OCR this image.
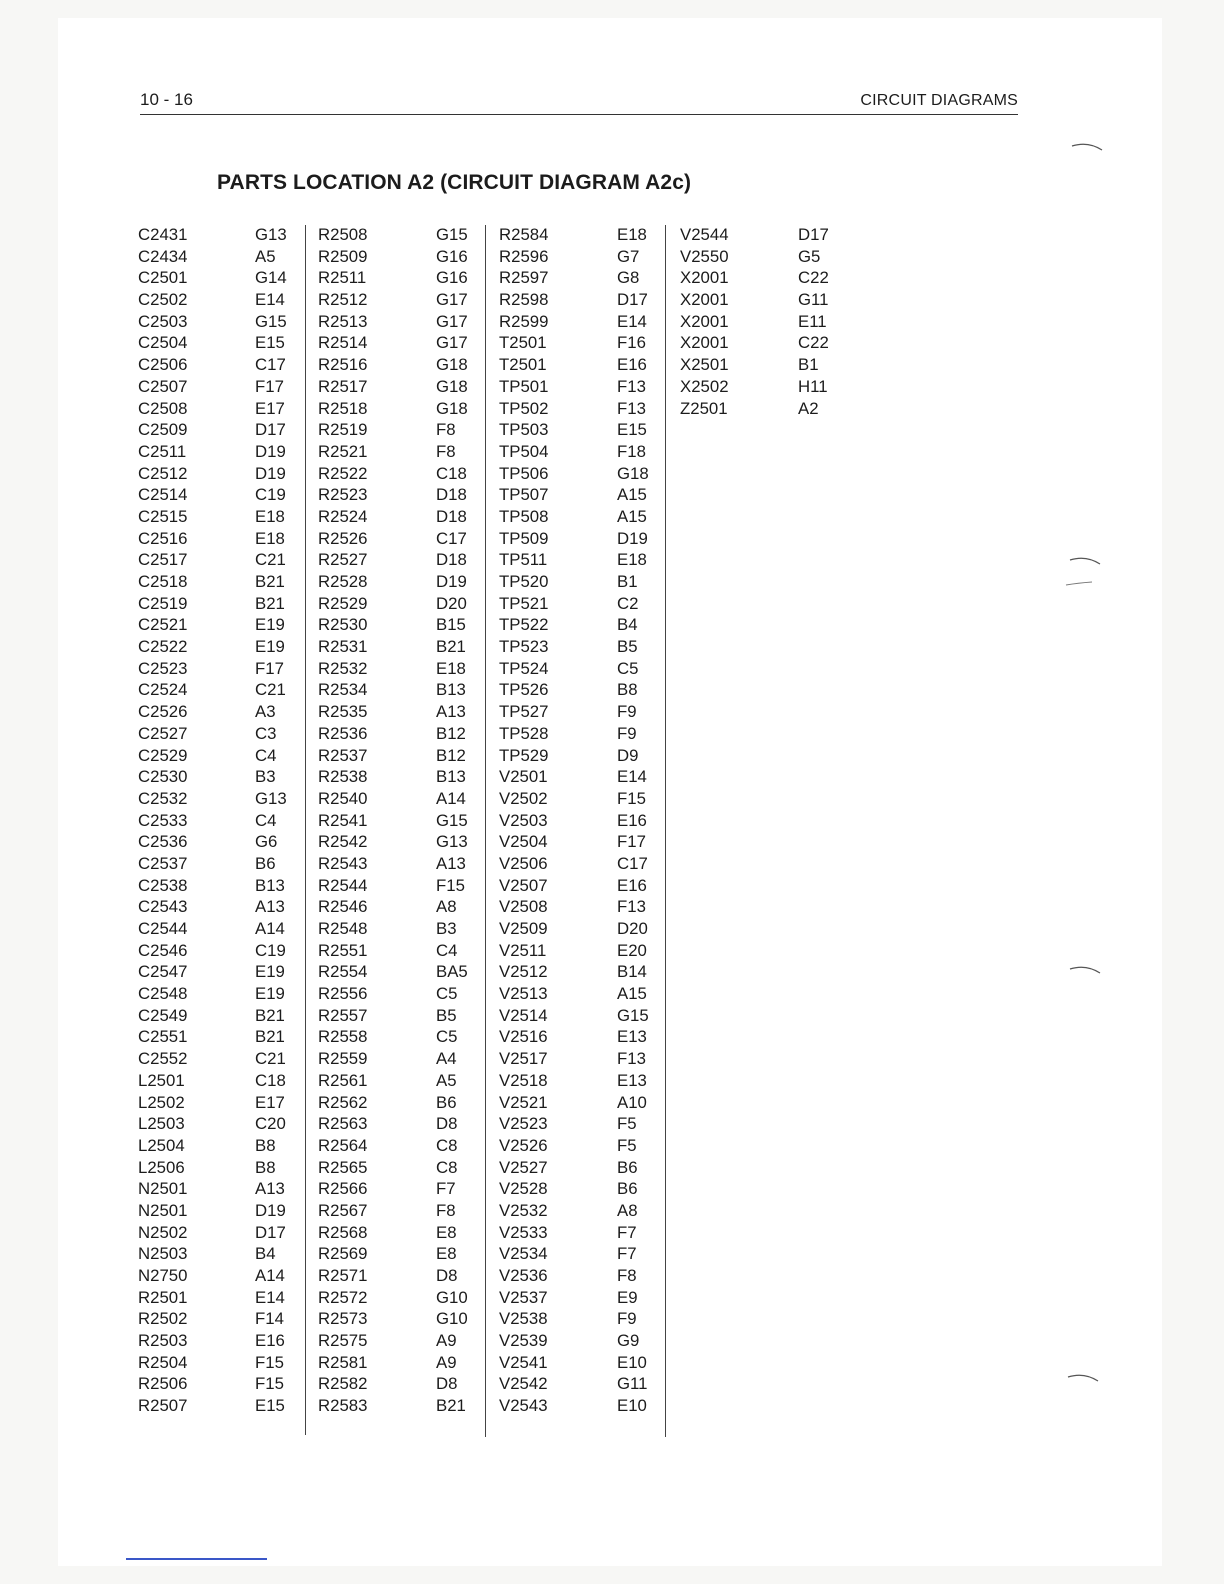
10 - 16	CIRCUIT DIAGRAMS
PARTS LOCATION A2 (CIRCUIT DIAGRAM A2c)
C2431	G13
C2434	A5
C2501	G14
C2502	E14
C2503	G15
C2504	E15
C2506	C17
C2507	F17
C2508	E17
C2509	D17
C2511	D19
C2512	D19
C2514	C19
C2515	E18
C2516	E18
C2517	C21
C2518	B21
C2519	B21
C2521	E19
C2522	E19
C2523	F17
C2524	C21
C2526	A3
C2527	C3
C2529	C4
C2530	B3
C2532	G13
C2533	C4
C2536	G6
C2537	B6
C2538	B13
C2543	A13
C2544	A14
C2546	C19
C2547	E19
C2548	E19
C2549	B21
C2551	B21
C2552	C21
L2501	C18
L2502	E17
L2503	C20
L2504	B8
L2506	B8
N2501	A13
N2501	D19
N2502	D17
N2503	B4
N2750	A14
R2501	E14
R2502	F14
R2503	E16
R2504	F15
R2506	F15
R2507	E15
R2508	G15
R2509	G16
R2511	G16
R2512	G17
R2513	G17
R2514	G17
R2516	G18
R2517	G18
R2518	G18
R2519	F8
R2521	F8
R2522	C18
R2523	D18
R2524	D18
R2526	C17
R2527	D18
R2528	D19
R2529	D20
R2530	B15
R2531	B21
R2532	E18
R2534	B13
R2535	A13
R2536	B12
R2537	B12
R2538	B13
R2540	A14
R2541	G15
R2542	G13
R2543	A13
R2544	F15
R2546	A8
R2548	B3
R2551	C4
R2554	BA5
R2556	C5
R2557	B5
R2558	C5
R2559	A4
R2561	A5
R2562	B6
R2563	D8
R2564	C8
R2565	C8
R2566	F7
R2567	F8
R2568	E8
R2569	E8
R2571	D8
R2572	G10
R2573	G10
R2575	A9
R2581	A9
R2582	D8
R2583	B21
R2584	E18
R2596	G7
R2597	G8
R2598	D17
R2599	E14
T2501	F16
T2501	E16
TP501	F13
TP502	F13
TP503	E15
TP504	F18
TP506	G18
TP507	A15
TP508	A15
TP509	D19
TP511	E18
TP520	B1
TP521	C2
TP522	B4
TP523	B5
TP524	C5
TP526	B8
TP527	F9
TP528	F9
TP529	D9
V2501	E14
V2502	F15
V2503	E16
V2504	F17
V2506	C17
V2507	E16
V2508	F13
V2509	D20
V2511	E20
V2512	B14
V2513	A15
V2514	G15
V2516	E13
V2517	F13
V2518	E13
V2521	A10
V2523	F5
V2526	F5
V2527	B6
V2528	B6
V2532	A8
V2533	F7
V2534	F7
V2536	F8
V2537	E9
V2538	F9
V2539	G9
V2541	E10
V2542	G11
V2543	E10
V2544	D17
V2550	G5
X2001	C22
X2001	G11
X2001	E11
X2001	C22
X2501	B1
X2502	H11
Z2501	A2
